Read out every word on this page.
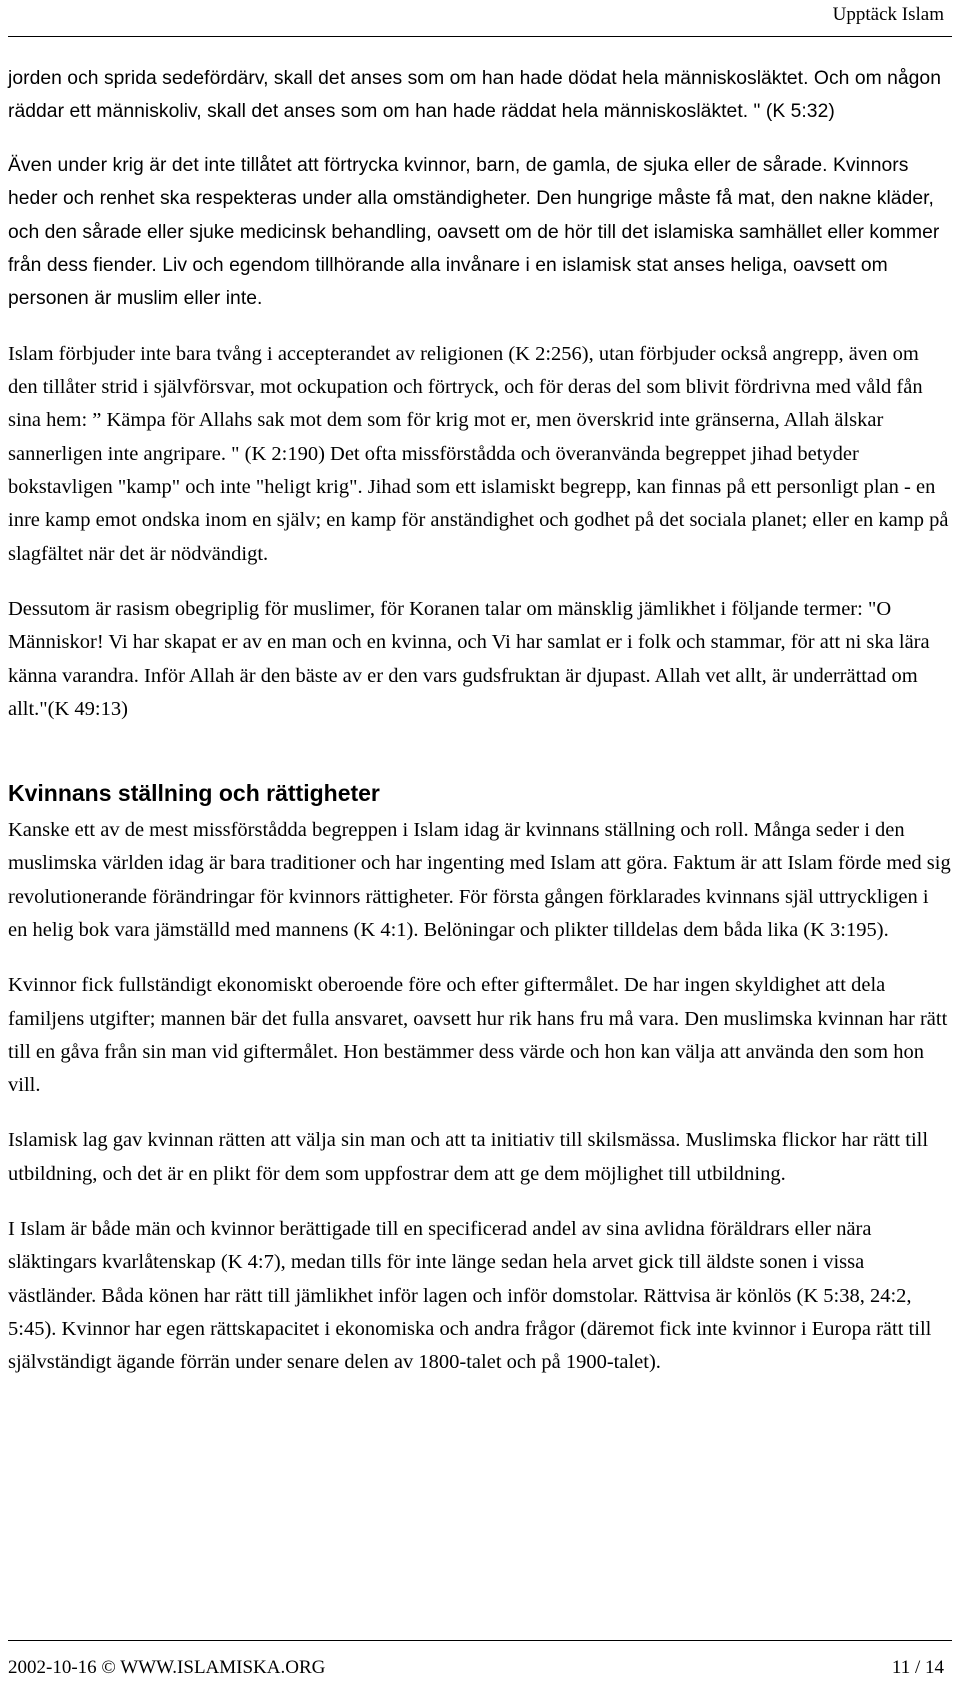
Upptäck Islam

jorden och sprida sedefördärv, skall det anses som om han hade dödat hela människosläktet. Och om någon räddar ett människoliv, skall det anses som om han hade räddat hela människosläktet. " (K 5:32)

Även under krig är det inte tillåtet att förtrycka kvinnor, barn, de gamla, de sjuka eller de sårade. Kvinnors heder och renhet ska respekteras under alla omständigheter. Den hungrige måste få mat, den nakne kläder, och den sårade eller sjuke medicinsk behandling, oavsett om de hör till det islamiska samhället eller kommer från dess fiender. Liv och egendom tillhörande alla invånare i en islamisk stat anses heliga, oavsett om personen är muslim eller inte.

Islam förbjuder inte bara tvång i accepterandet av religionen (K 2:256), utan förbjuder också angrepp, även om den tillåter strid i självförsvar, mot ockupation och förtryck, och för deras del som blivit fördrivna med våld fån sina hem: ” Kämpa för Allahs sak mot dem som för krig mot er, men överskrid inte gränserna, Allah älskar sannerligen inte angripare. " (K 2:190) Det ofta missförstådda och överanvända begreppet jihad betyder bokstavligen "kamp" och inte "heligt krig". Jihad som ett islamiskt begrepp, kan finnas på ett personligt plan - en inre kamp emot ondska inom en själv; en kamp för anständighet och godhet på det sociala planet; eller en kamp på slagfältet när det är nödvändigt.

Dessutom är rasism obegriplig för muslimer, för Koranen talar om mänsklig jämlikhet i följande termer: "O Människor! Vi har skapat er av en man och en kvinna, och Vi har samlat er i folk och stammar, för att ni ska lära känna varandra. Inför Allah är den bäste av er den vars gudsfruktan är djupast. Allah vet allt, är underrättad om allt."(K 49:13)

Kvinnans ställning och rättigheter

Kanske ett av de mest missförstådda begreppen i Islam idag är kvinnans ställning och roll. Många seder i den muslimska världen idag är bara traditioner och har ingenting med Islam att göra. Faktum är att Islam förde med sig revolutionerande förändringar för kvinnors rättigheter. För första gången förklarades kvinnans själ uttryckligen i en helig bok vara jämställd med mannens (K 4:1). Belöningar och plikter tilldelas dem båda lika (K 3:195).

Kvinnor fick fullständigt ekonomiskt oberoende före och efter giftermålet. De har ingen skyldighet att dela familjens utgifter; mannen bär det fulla ansvaret, oavsett hur rik hans fru må vara. Den muslimska kvinnan har rätt till en gåva från sin man vid giftermålet. Hon bestämmer dess värde och hon kan välja att använda den som hon vill.

Islamisk lag gav kvinnan rätten att välja sin man och att ta initiativ till skilsmässa. Muslimska flickor har rätt till utbildning, och det är en plikt för dem som uppfostrar dem att ge dem möjlighet till utbildning.

I Islam är både män och kvinnor berättigade till en specificerad andel av sina avlidna föräldrars eller nära släktingars kvarlåtenskap (K 4:7), medan tills för inte länge sedan hela arvet gick till äldste sonen i vissa västländer. Båda könen har rätt till jämlikhet inför lagen och inför domstolar. Rättvisa är könlös (K 5:38, 24:2, 5:45). Kvinnor har egen rättskapacitet i ekonomiska och andra frågor (däremot fick inte kvinnor i Europa rätt till självständigt ägande förrän under senare delen av 1800-talet och på 1900-talet).

2002-10-16 © WWW.ISLAMISKA.ORG	11 / 14
